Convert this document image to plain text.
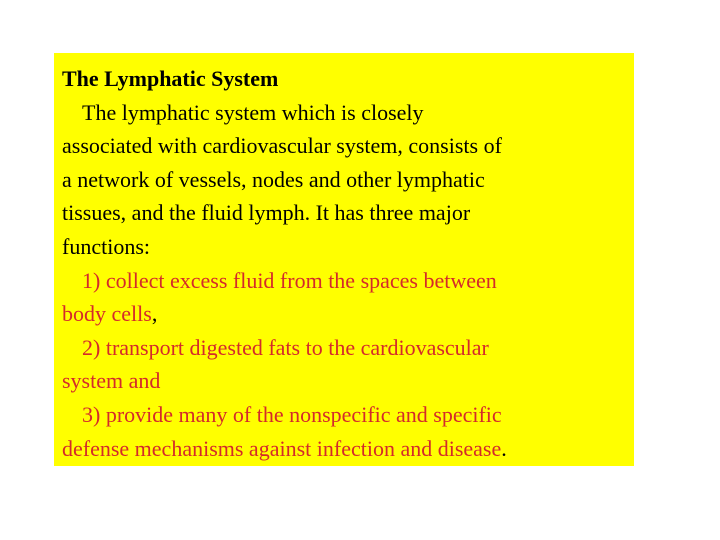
The Lymphatic System
The lymphatic system which is closely
associated with cardiovascular system, consists of
a network of vessels, nodes and other lymphatic
tissues, and the fluid lymph. It has three major
functions:
1) collect excess fluid from the spaces between
body cells,
2) transport digested fats to the cardiovascular
system and
3) provide many of the nonspecific and specific
defense mechanisms against infection and disease.
